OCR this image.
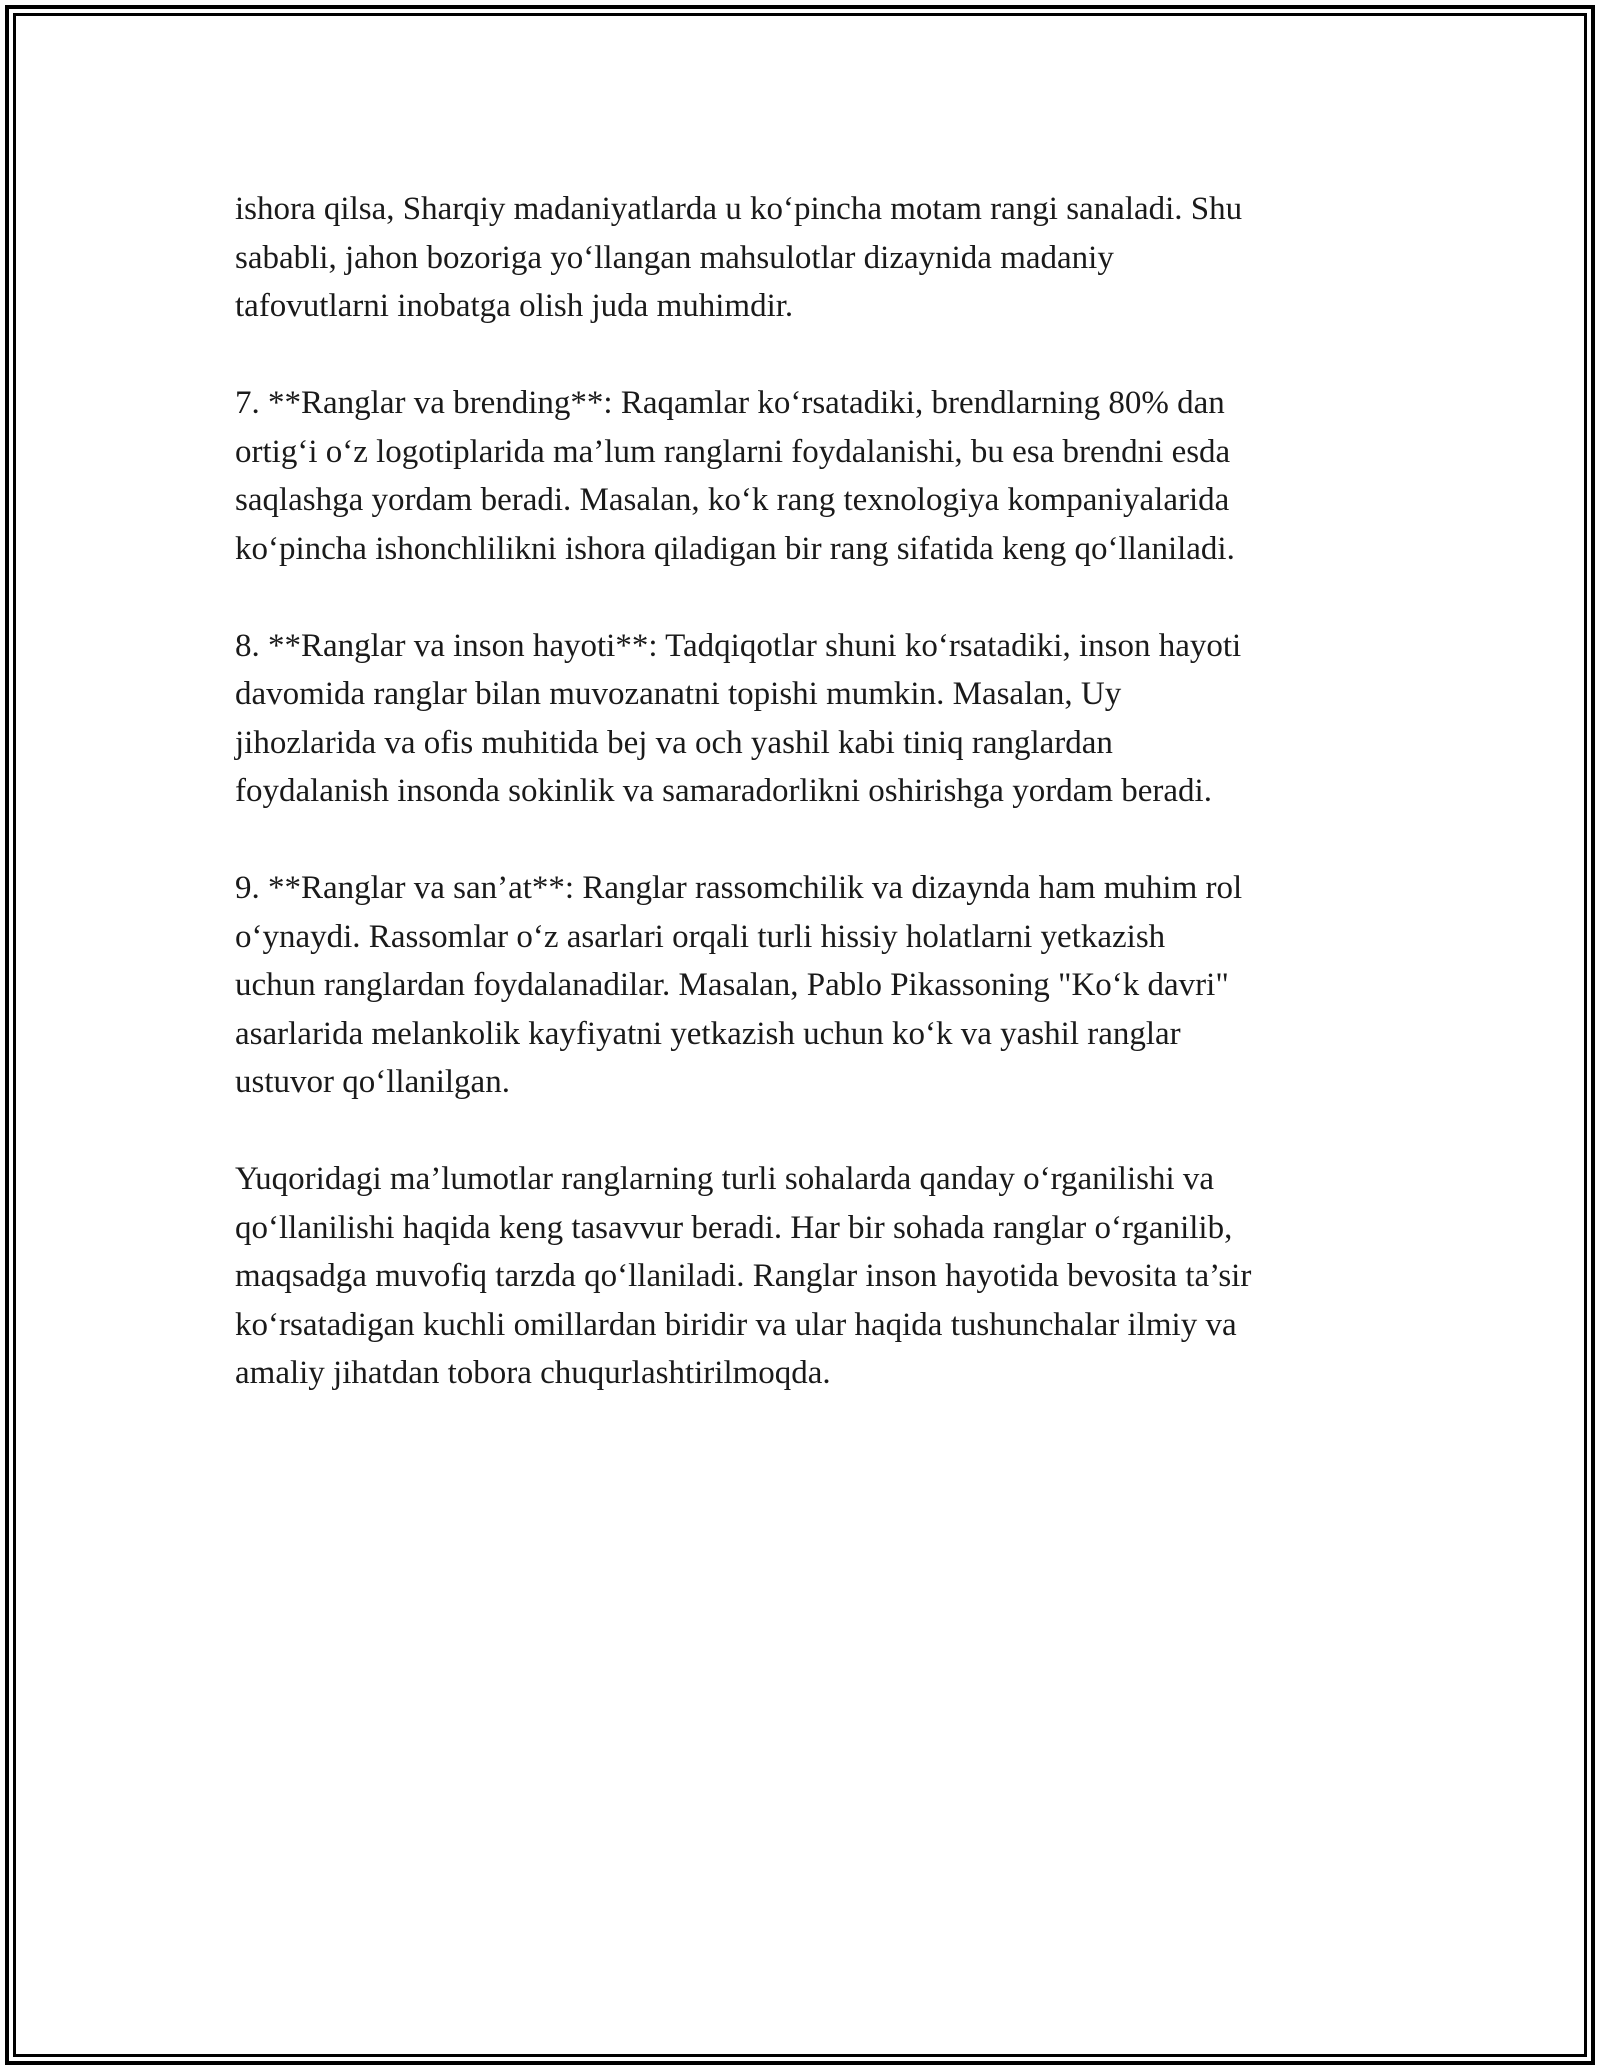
ishora qilsa, Sharqiy madaniyatlarda u ko‘pincha motam rangi sanaladi. Shu
sababli, jahon bozoriga yo‘llangan mahsulotlar dizaynida madaniy
tafovutlarni inobatga olish juda muhimdir.

7. **Ranglar va brending**: Raqamlar ko‘rsatadiki, brendlarning 80% dan
ortig‘i o‘z logotiplarida ma’lum ranglarni foydalanishi, bu esa brendni esda
saqlashga yordam beradi. Masalan, ko‘k rang texnologiya kompaniyalarida
ko‘pincha ishonchlilikni ishora qiladigan bir rang sifatida keng qo‘llaniladi.

8. **Ranglar va inson hayoti**: Tadqiqotlar shuni ko‘rsatadiki, inson hayoti
davomida ranglar bilan muvozanatni topishi mumkin. Masalan, Uy
jihozlarida va ofis muhitida bej va och yashil kabi tiniq ranglardan
foydalanish insonda sokinlik va samaradorlikni oshirishga yordam beradi.

9. **Ranglar va san’at**: Ranglar rassomchilik va dizaynda ham muhim rol
o‘ynaydi. Rassomlar o‘z asarlari orqali turli hissiy holatlarni yetkazish
uchun ranglardan foydalanadilar. Masalan, Pablo Pikassoning "Ko‘k davri"
asarlarida melankolik kayfiyatni yetkazish uchun ko‘k va yashil ranglar
ustuvor qo‘llanilgan.

Yuqoridagi ma’lumotlar ranglarning turli sohalarda qanday o‘rganilishi va
qo‘llanilishi haqida keng tasavvur beradi. Har bir sohada ranglar o‘rganilib,
maqsadga muvofiq tarzda qo‘llaniladi. Ranglar inson hayotida bevosita ta’sir
ko‘rsatadigan kuchli omillardan biridir va ular haqida tushunchalar ilmiy va
amaliy jihatdan tobora chuqurlashtirilmoqda.
